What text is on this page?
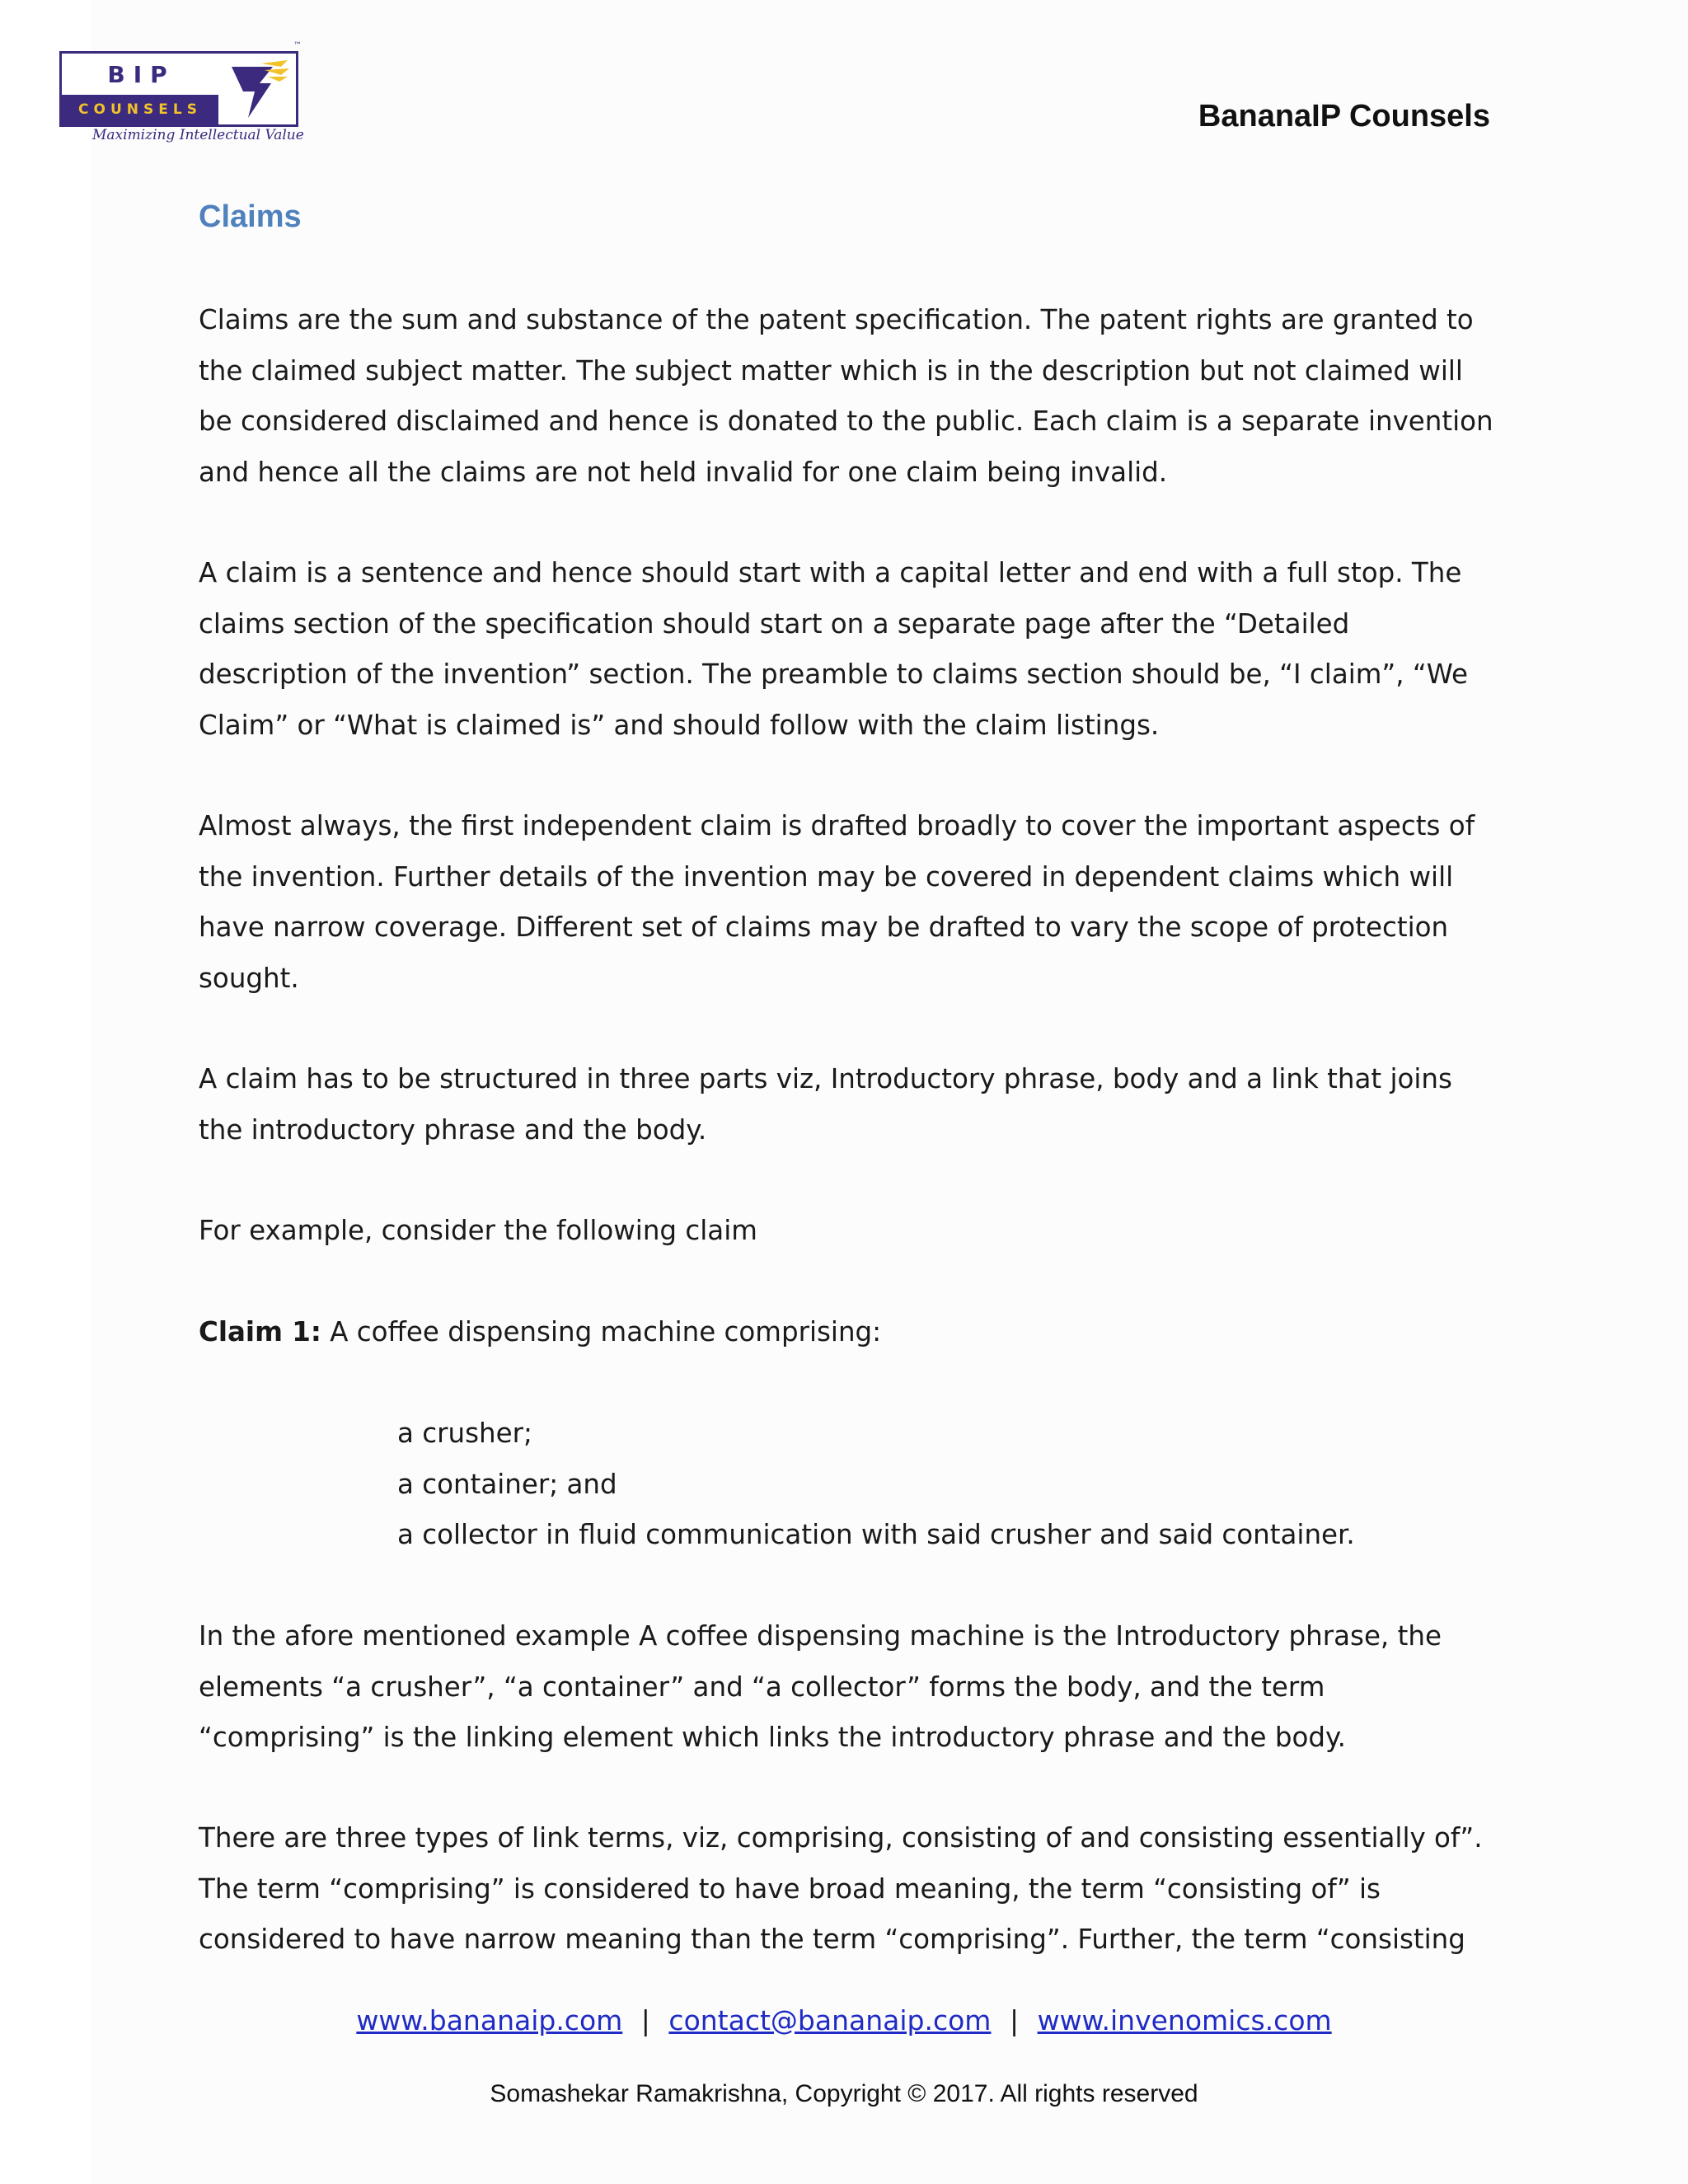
BIP
COUNSELS
™
Maximizing Intellectual Value
BananaIP Counsels
Claims

Claims are the sum and substance of the patent specification. The patent rights are granted to the claimed subject matter. The subject matter which is in the description but not claimed will be considered disclaimed and hence is donated to the public. Each claim is a separate invention and hence all the claims are not held invalid for one claim being invalid.

A claim is a sentence and hence should start with a capital letter and end with a full stop. The claims section of the specification should start on a separate page after the “Detailed description of the invention” section. The preamble to claims section should be, “I claim”, “We Claim” or “What is claimed is” and should follow with the claim listings.

Almost always, the first independent claim is drafted broadly to cover the important aspects of the invention. Further details of the invention may be covered in dependent claims which will have narrow coverage. Different set of claims may be drafted to vary the scope of protection sought.

A claim has to be structured in three parts viz, Introductory phrase, body and a link that joins the introductory phrase and the body.

For example, consider the following claim

Claim 1: A coffee dispensing machine comprising:

a crusher;
a container; and
a collector in fluid communication with said crusher and said container.

In the afore mentioned example A coffee dispensing machine is the Introductory phrase, the elements “a crusher”, “a container” and “a collector” forms the body, and the term “comprising” is the linking element which links the introductory phrase and the body.

There are three types of link terms, viz, comprising, consisting of and consisting essentially of”. The term “comprising” is considered to have broad meaning, the term “consisting of” is considered to have narrow meaning than the term “comprising”. Further, the term “consisting

www.bananaip.com | contact@bananaip.com | www.invenomics.com
Somashekar Ramakrishna, Copyright © 2017. All rights reserved
